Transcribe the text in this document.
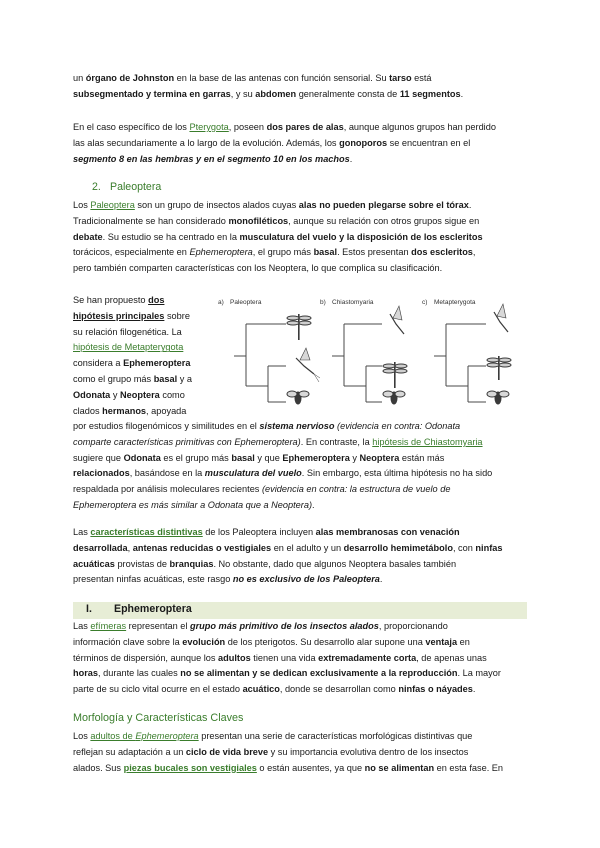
un órgano de Johnston en la base de las antenas con función sensorial. Su tarso está
subsegmentado y termina en garras, y su abdomen generalmente consta de 11 segmentos.

En el caso específico de los Pterygota, poseen dos pares de alas, aunque algunos grupos han perdido
las alas secundariamente a lo largo de la evolución. Además, los gonoporos se encuentran en el
segmento 8 en las hembras y en el segmento 10 en los machos.

2. Paleoptera

Los Paleoptera son un grupo de insectos alados cuyas alas no pueden plegarse sobre el tórax.
Tradicionalmente se han considerado monofiléticos, aunque su relación con otros grupos sigue en
debate. Su estudio se ha centrado en la musculatura del vuelo y la disposición de los escleritos
torácicos, especialmente en Ephemeroptera, el grupo más basal. Estos presentan dos escleritos,
pero también comparten características con los Neoptera, lo que complica su clasificación.

Se han propuesto dos
hipótesis principales sobre
su relación filogenética. La
hipótesis de Metapterygota
considera a Ephemeroptera
como el grupo más basal y a
Odonata y Neoptera como
clados hermanos, apoyada

a) Paleoptera	b) Chiastomyaria	c) Metapterygota

por estudios filogenómicos y similitudes en el sistema nervioso (evidencia en contra: Odonata
comparte características primitivas con Ephemeroptera). En contraste, la hipótesis de Chiastomyaria
sugiere que Odonata es el grupo más basal y que Ephemeroptera y Neoptera están más
relacionados, basándose en la musculatura del vuelo. Sin embargo, esta última hipótesis no ha sido
respaldada por análisis moleculares recientes (evidencia en contra: la estructura de vuelo de
Ephemeroptera es más similar a Odonata que a Neoptera).

Las características distintivas de los Paleoptera incluyen alas membranosas con venación
desarrollada, antenas reducidas o vestigiales en el adulto y un desarrollo hemimetábolo, con ninfas
acuáticas provistas de branquias. No obstante, dado que algunos Neoptera basales también
presentan ninfas acuáticas, este rasgo no es exclusivo de los Paleoptera.

I. Ephemeroptera

Las efímeras representan el grupo más primitivo de los insectos alados, proporcionando
información clave sobre la evolución de los pterigotos. Su desarrollo alar supone una ventaja en
términos de dispersión, aunque los adultos tienen una vida extremadamente corta, de apenas unas
horas, durante las cuales no se alimentan y se dedican exclusivamente a la reproducción. La mayor
parte de su ciclo vital ocurre en el estado acuático, donde se desarrollan como ninfas o náyades.

Morfología y Características Claves

Los adultos de Ephemeroptera presentan una serie de características morfológicas distintivas que
reflejan su adaptación a un ciclo de vida breve y su importancia evolutiva dentro de los insectos
alados. Sus piezas bucales son vestigiales o están ausentes, ya que no se alimentan en esta fase. En
